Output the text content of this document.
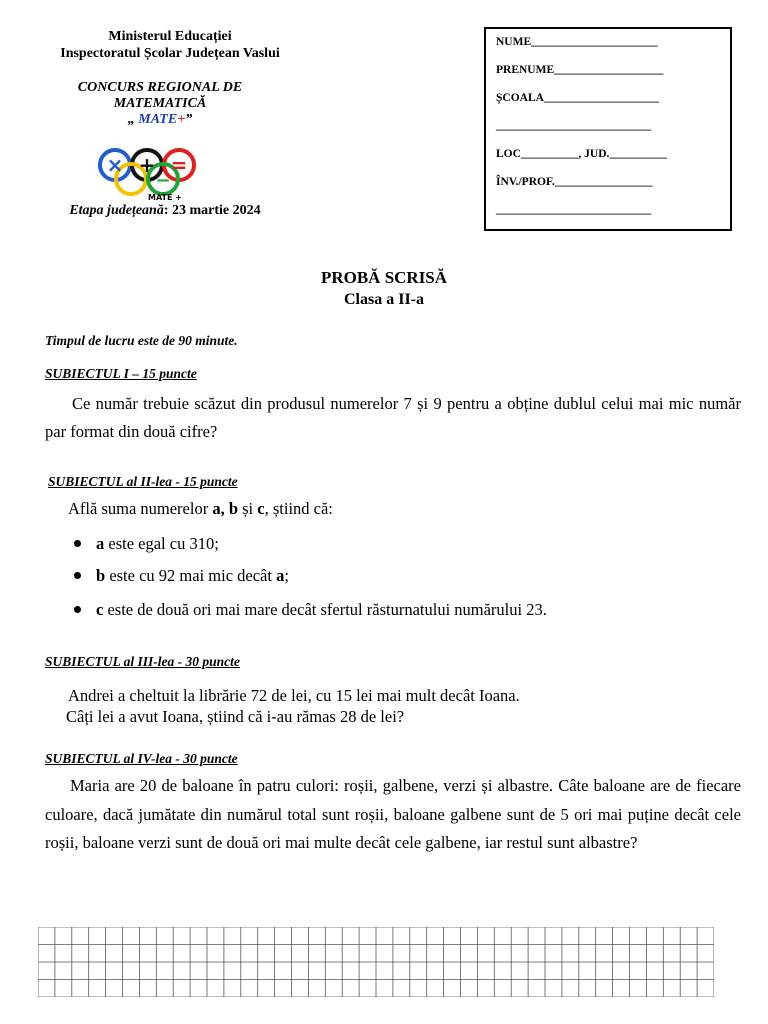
Ministerul Educației
Inspectoratul Școlar Județean Vaslui
CONCURS REGIONAL DE
MATEMATICĂ
„ MATE+”
× + =
−
MATE +
Etapa județeană: 23 martie 2024
NUME______________________
PRENUME___________________
ȘCOALA____________________
___________________________
LOC__________, JUD.__________
ÎNV./PROF._________________
___________________________
PROBĂ SCRISĂ
Clasa a II-a
Timpul de lucru este de 90 minute.
SUBIECTUL I – 15 puncte
Ce număr trebuie scăzut din produsul numerelor 7 și 9 pentru a obține dublul celui mai mic număr par format din două cifre?
SUBIECTUL al II-lea - 15 puncte
Află suma numerelor a, b și c, știind că:
a este egal cu 310;
b este cu 92 mai mic decât a;
c este de două ori mai mare decât sfertul răsturnatului numărului 23.
SUBIECTUL al III-lea - 30 puncte
Andrei a cheltuit la librărie 72 de lei, cu 15 lei mai mult decât Ioana.
Câți lei a avut Ioana, știind că i-au rămas 28 de lei?
SUBIECTUL al IV-lea - 30 puncte
Maria are 20 de baloane în patru culori: roșii, galbene, verzi și albastre. Câte baloane are de fiecare culoare, dacă jumătate din numărul total sunt roșii, baloane galbene sunt de 5 ori mai puține decât cele roșii, baloane verzi sunt de două ori mai multe decât cele galbene, iar restul sunt albastre?
